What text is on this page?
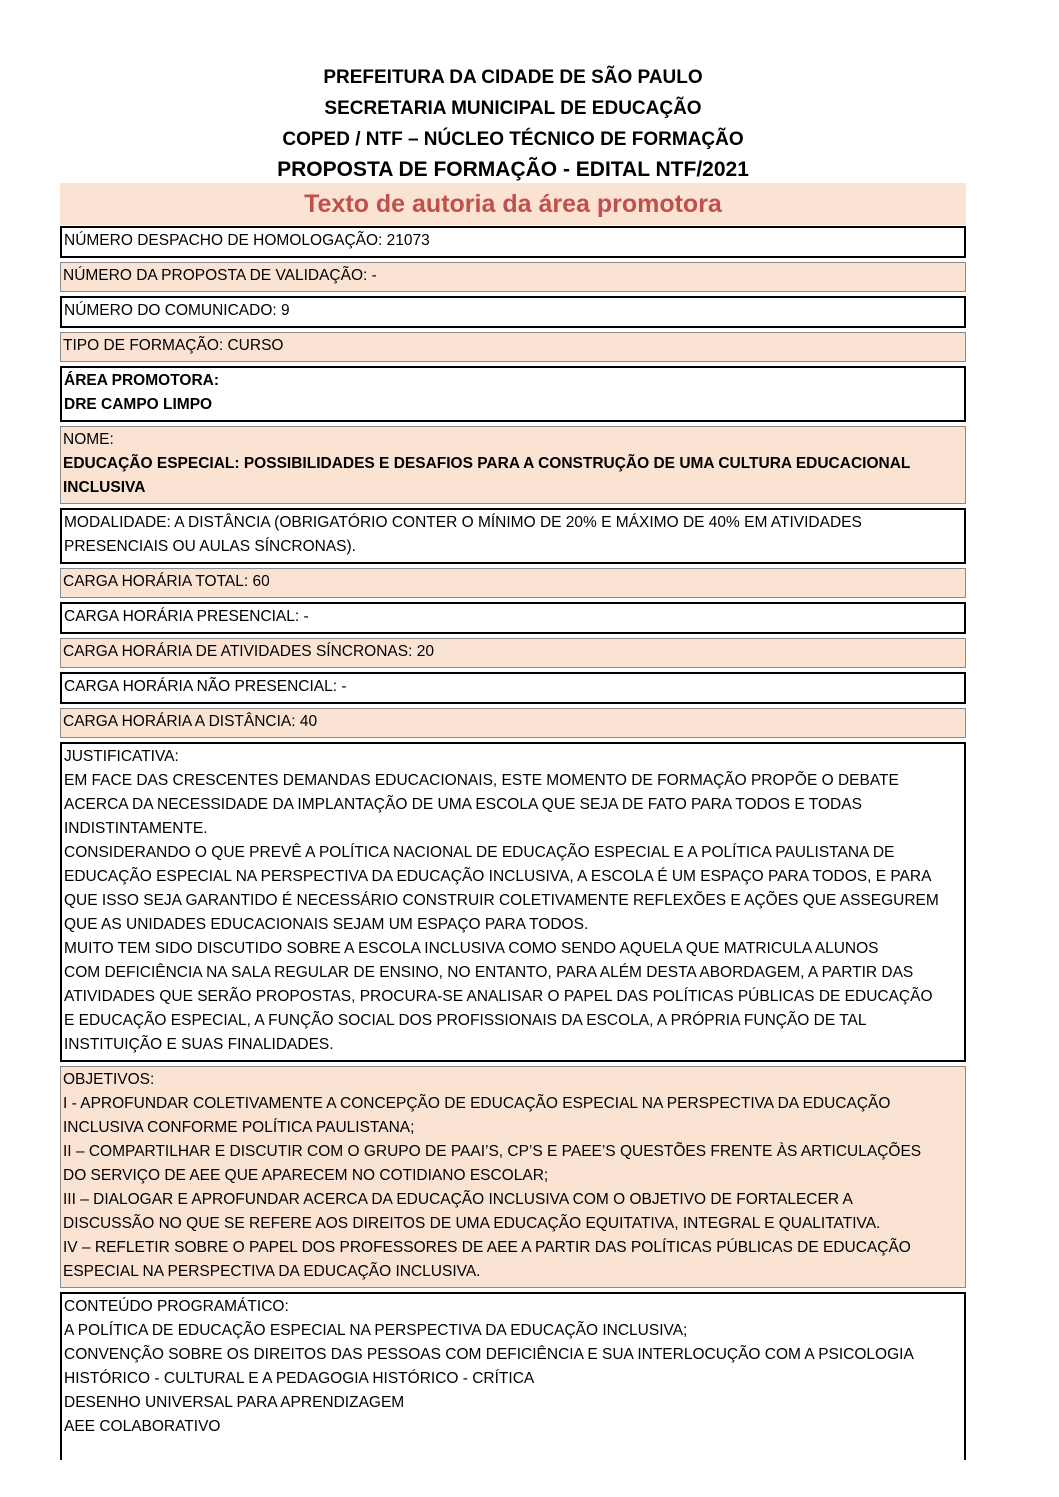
PREFEITURA DA CIDADE DE SÃO PAULO
SECRETARIA MUNICIPAL DE EDUCAÇÃO
COPED / NTF – NÚCLEO TÉCNICO DE FORMAÇÃO
PROPOSTA DE FORMAÇÃO - EDITAL NTF/2021
Texto de autoria da área promotora
NÚMERO DESPACHO DE HOMOLOGAÇÃO: 21073
NÚMERO DA PROPOSTA DE VALIDAÇÃO: -
NÚMERO DO COMUNICADO: 9
TIPO DE FORMAÇÃO: CURSO
ÁREA PROMOTORA:
DRE CAMPO LIMPO
NOME:
EDUCAÇÃO ESPECIAL: POSSIBILIDADES E DESAFIOS PARA A CONSTRUÇÃO DE UMA CULTURA EDUCACIONAL
INCLUSIVA
MODALIDADE: A DISTÂNCIA (OBRIGATÓRIO CONTER O MÍNIMO DE 20% E MÁXIMO DE 40% EM ATIVIDADES
PRESENCIAIS OU AULAS SÍNCRONAS).
CARGA HORÁRIA TOTAL: 60
CARGA HORÁRIA PRESENCIAL: -
CARGA HORÁRIA DE ATIVIDADES SÍNCRONAS: 20
CARGA HORÁRIA NÃO PRESENCIAL: -
CARGA HORÁRIA A DISTÂNCIA: 40
JUSTIFICATIVA:
EM FACE DAS CRESCENTES DEMANDAS EDUCACIONAIS, ESTE MOMENTO DE FORMAÇÃO PROPÕE O DEBATE
ACERCA DA NECESSIDADE DA IMPLANTAÇÃO DE UMA ESCOLA QUE SEJA DE FATO PARA TODOS E TODAS
INDISTINTAMENTE.
CONSIDERANDO O QUE PREVÊ A POLÍTICA NACIONAL DE EDUCAÇÃO ESPECIAL E A POLÍTICA PAULISTANA DE
EDUCAÇÃO ESPECIAL NA PERSPECTIVA DA EDUCAÇÃO INCLUSIVA, A ESCOLA É UM ESPAÇO PARA TODOS, E PARA
QUE ISSO SEJA GARANTIDO É NECESSÁRIO CONSTRUIR COLETIVAMENTE REFLEXÕES E AÇÕES QUE ASSEGUREM
QUE AS UNIDADES EDUCACIONAIS SEJAM UM ESPAÇO PARA TODOS.
MUITO TEM SIDO DISCUTIDO SOBRE A ESCOLA INCLUSIVA COMO SENDO AQUELA QUE MATRICULA ALUNOS
COM DEFICIÊNCIA NA SALA REGULAR DE ENSINO, NO ENTANTO, PARA ALÉM DESTA ABORDAGEM, A PARTIR DAS
ATIVIDADES QUE SERÃO PROPOSTAS, PROCURA-SE ANALISAR O PAPEL DAS POLÍTICAS PÚBLICAS DE EDUCAÇÃO
E EDUCAÇÃO ESPECIAL, A FUNÇÃO SOCIAL DOS PROFISSIONAIS DA ESCOLA, A PRÓPRIA FUNÇÃO DE TAL
INSTITUIÇÃO E SUAS FINALIDADES.
OBJETIVOS:
I - APROFUNDAR COLETIVAMENTE A CONCEPÇÃO DE EDUCAÇÃO ESPECIAL NA PERSPECTIVA DA EDUCAÇÃO
INCLUSIVA CONFORME POLÍTICA PAULISTANA;
II – COMPARTILHAR E DISCUTIR COM O GRUPO DE PAAI’S, CP’S E PAEE’S QUESTÕES FRENTE ÀS ARTICULAÇÕES
DO SERVIÇO DE AEE QUE APARECEM NO COTIDIANO ESCOLAR;
III – DIALOGAR E APROFUNDAR ACERCA DA EDUCAÇÃO INCLUSIVA COM O OBJETIVO DE FORTALECER A
DISCUSSÃO NO QUE SE REFERE AOS DIREITOS DE UMA EDUCAÇÃO EQUITATIVA, INTEGRAL E QUALITATIVA.
IV – REFLETIR SOBRE O PAPEL DOS PROFESSORES DE AEE A PARTIR DAS POLÍTICAS PÚBLICAS DE EDUCAÇÃO
ESPECIAL NA PERSPECTIVA DA EDUCAÇÃO INCLUSIVA.
CONTEÚDO PROGRAMÁTICO:
A POLÍTICA DE EDUCAÇÃO ESPECIAL NA PERSPECTIVA DA EDUCAÇÃO INCLUSIVA;
CONVENÇÃO SOBRE OS DIREITOS DAS PESSOAS COM DEFICIÊNCIA E SUA INTERLOCUÇÃO COM A PSICOLOGIA
HISTÓRICO - CULTURAL E A PEDAGOGIA HISTÓRICO - CRÍTICA
DESENHO UNIVERSAL PARA APRENDIZAGEM
AEE COLABORATIVO
